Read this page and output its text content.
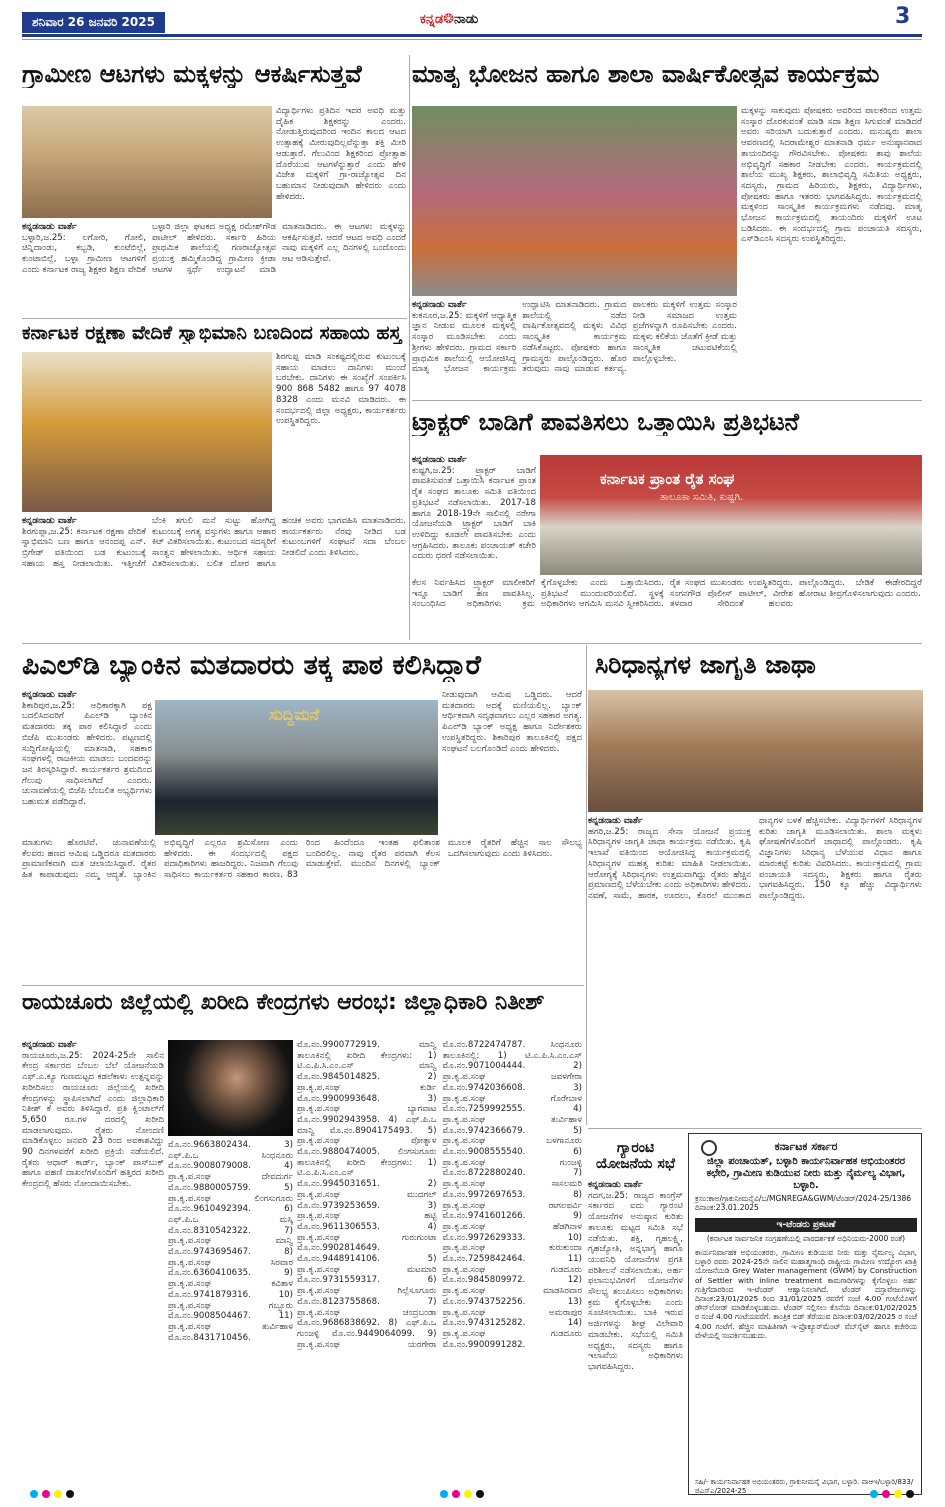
ಶನಿವಾರ 26 ಜನವರಿ 2025	ಕನ್ನಡ❂ನಾಡು	3
ಗ್ರಾಮೀಣ ಆಟಗಳು ಮಕ್ಕಳನ್ನು ಆಕರ್ಷಿಸುತ್ತವೆ
ವಿದ್ಯಾರ್ಥಿಗಳು ಪ್ರತಿದಿನ ಇದರ ಅವಧಿ ಮತ್ತು ದೈಹಿಕ ಶಿಕ್ಷಕರನ್ನು ಎಂದರು. ನೋಡುತ್ತಿರುವುದರಿಂದ ಇಂದಿನ ಕಾಲದ ಆಟದ ಉತ್ಸಾಹಕ್ಕೆ ಮೀರುವುದಿಲ್ಲವೆನ್ನುತ್ತಾ ಶಕ್ತಿ ಮೀರಿ ಆಡುತ್ತಾರೆ. ಗೆಲುವಿಂದ ಶಿಕ್ಷಕರಿಂದ ಪ್ರೋತ್ಸಾಹ ದೊರೆಯುವ ಆಟಗಳೆನ್ನುತ್ತಾರೆ ಎಂದು ಹೇಳಿ ವಿಜೇತ ಮಕ್ಕಳಿಗೆ ಗ್ರಾ-ರಾಜ್ಯೋತ್ಸವ ದಿನ ಬಹುಮಾನ ನೀಡುವುದಾಗಿ ಹೇಳಿದರು ಎಂದು ಹೇಳಿದರು.
ಕನ್ನಡನಾಡು ವಾರ್ತೆ
ಬಳ್ಳಾರಿ,ಜ.25: ಲಗೋರಿ, ಗೋಲಿ, ಚಿನ್ನಿದಾಂಡು, ಕಬ್ಬಡಿ, ಕುಂಟೆಬಿಲ್ಲೆ, ಕುಂಟಾಬಿಲ್ಲೆ, ಬಳ್ಳಾ ಗ್ರಾಮೀಣ ಆಟಗಳಿಗೆ ಎಂದು ಕರ್ನಾಟಕ ರಾಜ್ಯ ಶಿಕ್ಷಕರ ಶಿಕ್ಷಣ ವೇದಿಕೆ ಬಳ್ಳಾರಿ ಜಿಲ್ಲಾ ಘಟಕದ ಅಧ್ಯಕ್ಷ ರಮೇಶ್‌ಗೌಡ ಪಾಟೀಲ್ ಹೇಳಿದರು. ಸರ್ಕಾರಿ ಹಿರಿಯ ಪ್ರಾಥಮಿಕ ಶಾಲೆಯಲ್ಲಿ ಗಣರಾಜ್ಯೋತ್ಸವ ಪ್ರಯುಕ್ತ ಹಮ್ಮಿಕೊಂಡಿದ್ದ ಗ್ರಾಮೀಣ ಕ್ರೀಡಾ ಆಟಗಳ ಸ್ಪರ್ಧೆ ಉದ್ಘಾಟನೆ ಮಾಡಿ ಮಾತನಾಡಿದರು. ಈ ಆಟಗಳು ಮಕ್ಕಳನ್ನು ಆಕರ್ಷಿಸುತ್ತವೆ. ಆದರೆ ಆಟದ ಅವಧಿ ಎಂದರೆ ನಾವು ಮಕ್ಕಳಿಗೆ ಎಲ್ಲ ದಿನಗಳಲ್ಲಿ ಒಂದೊಂದು ಆಟ ಆಡಿಸುತ್ತೇವೆ.
ಮಾತೃ ಭೋಜನ ಹಾಗೂ ಶಾಲಾ ವಾರ್ಷಿಕೋತ್ಸವ ಕಾರ್ಯಕ್ರಮ
ಮಕ್ಕಳನ್ನು ಸಾಕುವುದು ಪೋಷಕರು ಅವರಿಂದ ಪಾಲಕರಿಂದ ಉತ್ತಮ ಸಂಸ್ಕಾರ ದೊರಕುವಂತೆ ಮಾಡಿ ಸದಾ ಶಿಕ್ಷಣ ಸಿಗುವಂತೆ ಮಾಡಿದರೆ ಅವರು ಸರಿಯಾಗಿ ಬದುಕುತ್ತಾರೆ ಎಂದರು. ಮನುಷ್ಯರು ಶಾಲಾ ಆವರಣದಲ್ಲಿ ಸಿದರಾಮೇಶ್ವರ ಮಾತನಾಡಿ ಧರ್ಮ ಅನುಷ್ಠಾನವಾದ ತಾಯಂದಿರನ್ನು ಗೌರವಿಸಬೇಕು. ಪೋಷಕರು ತಾವು ಶಾಲೆಯ ಅಭಿವೃದ್ಧಿಗೆ ಸಹಕಾರ ನೀಡಬೇಕು ಎಂದರು. ಕಾರ್ಯಕ್ರಮದಲ್ಲಿ ಶಾಲೆಯ ಮುಖ್ಯ ಶಿಕ್ಷಕರು, ಶಾಲಾಭಿವೃದ್ಧಿ ಸಮಿತಿಯ ಅಧ್ಯಕ್ಷರು, ಸದಸ್ಯರು, ಗ್ರಾಮದ ಹಿರಿಯರು, ಶಿಕ್ಷಕರು, ವಿದ್ಯಾರ್ಥಿಗಳು, ಪೋಷಕರು ಹಾಗೂ ಇತರರು ಭಾಗವಹಿಸಿದ್ದರು. ಕಾರ್ಯಕ್ರಮದಲ್ಲಿ ಮಕ್ಕಳಿಂದ ಸಾಂಸ್ಕೃತಿಕ ಕಾರ್ಯಕ್ರಮಗಳು ನಡೆದವು. ಮಾತೃ ಭೋಜನ ಕಾರ್ಯಕ್ರಮದಲ್ಲಿ ತಾಯಂದಿರು ಮಕ್ಕಳಿಗೆ ಊಟ ಬಡಿಸಿದರು. ಈ ಸಂದರ್ಭದಲ್ಲಿ ಗ್ರಾಮ ಪಂಚಾಯತಿ ಸದಸ್ಯರು, ಎಸ್‌ಡಿಎಂಸಿ ಸದಸ್ಯರು ಉಪಸ್ಥಿತರಿದ್ದರು.
ಕನ್ನಡನಾಡು ವಾರ್ತೆ
ಕುಕನೂರ,ಜ.25: ಮಕ್ಕಳಿಗೆ ಆಧ್ಯಾತ್ಮಿಕ ಜ್ಞಾನ ನೀಡುವ ಮೂಲಕ ಮಕ್ಕಳಲ್ಲಿ ಸಂಸ್ಕಾರ ಮೂಡಿಸಬೇಕು ಎಂದು ಶ್ರೀಗಳು ಹೇಳಿದರು. ಗ್ರಾಮದ ಸರ್ಕಾರಿ ಪ್ರಾಥಮಿಕ ಶಾಲೆಯಲ್ಲಿ ಆಯೋಜಿಸಿದ್ದ ಮಾತೃ ಭೋಜನ ಕಾರ್ಯಕ್ರಮ ಉದ್ಘಾಟಿಸಿ ಮಾತನಾಡಿದರು. ಗ್ರಾಮದ ಶಾಲೆಯಲ್ಲಿ ನಡೆದ ವಾರ್ಷಿಕೋತ್ಸವದಲ್ಲಿ ಮಕ್ಕಳು ವಿವಿಧ ಸಾಂಸ್ಕೃತಿಕ ಕಾರ್ಯಕ್ರಮ ನಡೆಸಿಕೊಟ್ಟರು. ಪೋಷಕರು ಹಾಗೂ ಗ್ರಾಮಸ್ಥರು ಪಾಲ್ಗೊಂಡಿದ್ದರು. ಹೊರ ತರುವುದು ನಾವು ಮಾಡುವ ಕರ್ತವ್ಯ. ಪಾಲಕರು ಮಕ್ಕಳಿಗೆ ಉತ್ತಮ ಸಂಸ್ಕಾರ ನೀಡಿ ಸಮಾಜದ ಉತ್ತಮ ಪ್ರಜೆಗಳನ್ನಾಗಿ ರೂಪಿಸಬೇಕು ಎಂದರು. ಮಕ್ಕಳು ಕಲಿಕೆಯ ಜೊತೆಗೆ ಕ್ರೀಡೆ ಮತ್ತು ಸಾಂಸ್ಕೃತಿಕ ಚಟುವಟಿಕೆಯಲ್ಲಿ ಪಾಲ್ಗೊಳ್ಳಬೇಕು.
ಕರ್ನಾಟಕ ರಕ್ಷಣಾ ವೇದಿಕೆ ಸ್ವಾಭಿಮಾನಿ ಬಣದಿಂದ ಸಹಾಯ ಹಸ್ತ
ಶಿರಗುಪ್ಪ ಮಾಡಿ ಸಂಕಷ್ಟದಲ್ಲಿರುವ ಕುಟುಂಬಕ್ಕೆ ಸಹಾಯ ಮಾಡಲು ದಾನಿಗಳು ಮುಂದೆ ಬರಬೇಕು. ದಾನಿಗಳು ಈ ಸಂಖ್ಯೆಗೆ ಸಂಪರ್ಕಿಸಿ 900 868 5482 ಹಾಗೂ 97 4078 8328 ಎಂದು ಮನವಿ ಮಾಡಿದರು. ಈ ಸಂದರ್ಭದಲ್ಲಿ ಜಿಲ್ಲಾ ಅಧ್ಯಕ್ಷರು, ಕಾರ್ಯಕರ್ತರು ಉಪಸ್ಥಿತರಿದ್ದರು.
ಕನ್ನಡನಾಡು ವಾರ್ತೆ
ಶಿರಗುಪ್ಪಾ,ಜ.25: ಕರ್ನಾಟಕ ರಕ್ಷಣಾ ವೇದಿಕೆ ಸ್ವಾಭಿಮಾನಿ ಬಣ ಹಾಗೂ ಆನಂದಪ್ಪ ಎನ್. ಬ್ರಿಗೇಡ್ ವತಿಯಿಂದ ಬಡ ಕುಟುಂಬಕ್ಕೆ ಸಹಾಯ ಹಸ್ತ ನೀಡಲಾಯಿತು. ಇತ್ತೀಚೆಗೆ ಬೆಂಕಿ ತಗುಲಿ ಮನೆ ಸುಟ್ಟು ಹೋಗಿದ್ದ ಕುಟುಂಬಕ್ಕೆ ಅಗತ್ಯ ವಸ್ತುಗಳು ಹಾಗೂ ಆಹಾರ ಕಿಟ್ ವಿತರಿಸಲಾಯಿತು. ಕುಟುಂಬದ ಸದಸ್ಯರಿಗೆ ಸಾಂತ್ವನ ಹೇಳಲಾಯಿತು. ಆರ್ಥಿಕ ಸಹಾಯ ವಿತರಿಸಲಾಯಿತು. ಬಲಿತ ದೋರ ಹಾಗೂ ಹಂಚಿಕ ಅವರು ಭಾಗವಹಿಸಿ ಮಾತನಾಡಿದರು. ಕಾರ್ಯಕರ್ತರು ನೆರವು ನೀಡಿದ ಬಡ ಕುಟುಂಬಗಳಿಗೆ ಸಂಘಟನೆ ಸದಾ ಬೆಂಬಲ ನೀಡಲಿದೆ ಎಂದು ತಿಳಿಸಿದರು.
ಟ್ರ್ಯಾಕ್ಟರ್ ಬಾಡಿಗೆ ಪಾವತಿಸಲು ಒತ್ತಾಯಿಸಿ ಪ್ರತಿಭಟನೆ
ಕನ್ನಡನಾಡು ವಾರ್ತೆ
ಕುಷ್ಟಗಿ,ಜ.25: ಟ್ರ್ಯಾಕ್ಟರ್ ಬಾಡಿಗೆ ಪಾವತಿಸುವಂತೆ ಒತ್ತಾಯಿಸಿ ಕರ್ನಾಟಕ ಪ್ರಾಂತ ರೈತ ಸಂಘದ ತಾಲೂಕು ಸಮಿತಿ ವತಿಯಿಂದ ಪ್ರತಿಭಟನೆ ನಡೆಸಲಾಯಿತು. 2017-18 ಹಾಗೂ 2018-19ನೇ ಸಾಲಿನಲ್ಲಿ ನರೇಗಾ ಯೋಜನೆಯಡಿ ಟ್ರ್ಯಾಕ್ಟರ್ ಬಾಡಿಗೆ ಬಾಕಿ ಉಳಿದಿದ್ದು ಕೂಡಲೇ ಪಾವತಿಸಬೇಕು ಎಂದು ಆಗ್ರಹಿಸಿದರು. ತಾಲೂಕು ಪಂಚಾಯತ್ ಕಚೇರಿ ಎದುರು ಧರಣಿ ನಡೆಸಲಾಯಿತು.
ಕರ್ನಾಟಕ ಪ್ರಾಂತ ರೈತ ಸಂಘ
ತಾಲೂಕಾ ಸಮಿತಿ, ಕುಷ್ಟಗಿ.
ಕೆಲಸ ನಿರ್ವಹಿಸಿದ ಟ್ರ್ಯಾಕ್ಟರ್ ಮಾಲೀಕರಿಗೆ ಇನ್ನೂ ಬಾಡಿಗೆ ಹಣ ಪಾವತಿಸಿಲ್ಲ. ಸಂಬಂಧಿಸಿದ ಅಧಿಕಾರಿಗಳು ಕ್ರಮ ಕೈಗೊಳ್ಳಬೇಕು ಎಂದು ಒತ್ತಾಯಿಸಿದರು. ಪ್ರತಿಭಟನೆ ಮುಂದುವರಿಯಲಿದೆ. ಸ್ಥಳಕ್ಕೆ ಅಧಿಕಾರಿಗಳು ಆಗಮಿಸಿ ಮನವಿ ಸ್ವೀಕರಿಸಿದರು. ರೈತ ಸಂಘದ ಮುಖಂಡರು ಉಪಸ್ಥಿತರಿದ್ದರು. ಸಂಗನಗೌಡ ಪೊಲೀಸ್ ಪಾಟೀಲ್, ವೀರೇಶ ತಳವಾರ ಸೇರಿದಂತೆ ಹಲವರು ಪಾಲ್ಗೊಂಡಿದ್ದರು. ಬೇಡಿಕೆ ಈಡೇರದಿದ್ದರೆ ಹೋರಾಟ ತೀವ್ರಗೊಳಿಸಲಾಗುವುದು ಎಂದರು.
ಪಿಎಲ್‌ಡಿ ಬ್ಯಾಂಕಿನ ಮತದಾರರು ತಕ್ಕ ಪಾಠ ಕಲಿಸಿದ್ದಾರೆ
ಕನ್ನಡನಾಡು ವಾರ್ತೆ
ಶಿಕಾರಿಪುರ,ಜ.25: ಅಧಿಕಾರಕ್ಕಾಗಿ ಪಕ್ಷ ಬದಲಿಸಿದವರಿಗೆ ಪಿಎಲ್‌ಡಿ ಬ್ಯಾಂಕಿನ ಮತದಾರರು ತಕ್ಕ ಪಾಠ ಕಲಿಸಿದ್ದಾರೆ ಎಂದು ಬಿಜೆಪಿ ಮುಖಂಡರು ಹೇಳಿದರು. ಪಟ್ಟಣದಲ್ಲಿ ಸುದ್ದಿಗೋಷ್ಠಿಯಲ್ಲಿ ಮಾತನಾಡಿ, ಸಹಕಾರ ಸಂಘಗಳಲ್ಲಿ ರಾಜಕೀಯ ಮಾಡಲು ಬಂದವರನ್ನು ಜನ ತಿರಸ್ಕರಿಸಿದ್ದಾರೆ. ಕಾರ್ಯಕರ್ತರ ಶ್ರಮದಿಂದ ಗೆಲುವು ಸಾಧಿಸಲಾಗಿದೆ ಎಂದರು. ಚುನಾವಣೆಯಲ್ಲಿ ಬಿಜೆಪಿ ಬೆಂಬಲಿತ ಅಭ್ಯರ್ಥಿಗಳು ಬಹುಮತ ಪಡೆದಿದ್ದಾರೆ.
ಸುದ್ದಿಮನೆ
ನೀಡುವುದಾಗಿ ಆಮಿಷ ಒಡ್ಡಿದರು. ಆದರೆ ಮತದಾರರು ಅದಕ್ಕೆ ಮಣಿಯಲಿಲ್ಲ. ಬ್ಯಾಂಕ್ ಆರ್ಥಿಕವಾಗಿ ಸದೃಢವಾಗಲು ಎಲ್ಲರ ಸಹಕಾರ ಅಗತ್ಯ. ಪಿಎಲ್‌ಡಿ ಬ್ಯಾಂಕ್ ಅಧ್ಯಕ್ಷ ಹಾಗೂ ನಿರ್ದೇಶಕರು ಉಪಸ್ಥಿತರಿದ್ದರು. ಶಿಕಾರಿಪುರ ತಾಲೂಕಿನಲ್ಲಿ ಪಕ್ಷದ ಸಂಘಟನೆ ಬಲಗೊಂಡಿದೆ ಎಂದು ಹೇಳಿದರು.
ಮಾತುಗಳು ಹೊರಟಿವೆ. ಚುನಾವಣೆಯಲ್ಲಿ ಕೆಲವರು ಹಣದ ಆಮಿಷ ಒಡ್ಡಿದರೂ ಮತದಾರರು ಪ್ರಾಮಾಣಿಕವಾಗಿ ಮತ ಚಲಾಯಿಸಿದ್ದಾರೆ. ರೈತರ ಹಿತ ಕಾಪಾಡುವುದು ನಮ್ಮ ಆದ್ಯತೆ. ಬ್ಯಾಂಕಿನ ಅಭಿವೃದ್ಧಿಗೆ ಎಲ್ಲರೂ ಶ್ರಮಿಸೋಣ ಎಂದು ಹೇಳಿದರು. ಈ ಸಂದರ್ಭದಲ್ಲಿ ಪಕ್ಷದ ಪದಾಧಿಕಾರಿಗಳು ಹಾಜರಿದ್ದರು. ನಿಜವಾಗಿ ಗೆಲುವು ಸಾಧಿಸಲು ಕಾರ್ಯಕರ್ತರ ಸಹಕಾರ ಕಾರಣ. 83 ರಿಂದ ಹಿಂದೆಂದೂ ಇಂತಹ ಫಲಿತಾಂಶ ಬಂದಿರಲಿಲ್ಲ. ನಾವು ರೈತರ ಪರವಾಗಿ ಕೆಲಸ ಮಾಡುತ್ತೇವೆ. ಮುಂದಿನ ದಿನಗಳಲ್ಲಿ ಬ್ಯಾಂಕ್ ಮೂಲಕ ರೈತರಿಗೆ ಹೆಚ್ಚಿನ ಸಾಲ ಸೌಲಭ್ಯ ಒದಗಿಸಲಾಗುವುದು ಎಂದು ತಿಳಿಸಿದರು.
ಸಿರಿಧಾನ್ಯಗಳ ಜಾಗೃತಿ ಜಾಥಾ
ಕನ್ನಡನಾಡು ವಾರ್ತೆ
ಹಗರಿ,ಜ.25: ರಾಜ್ಯದ ಸೇನಾ ಯೋಜನೆ ಪ್ರಯುಕ್ತ ಸಿರಿಧಾನ್ಯಗಳ ಜಾಗೃತಿ ಜಾಥಾ ಕಾರ್ಯಕ್ರಮ ನಡೆಯಿತು. ಕೃಷಿ ಇಲಾಖೆ ವತಿಯಿಂದ ಆಯೋಜಿಸಿದ್ದ ಕಾರ್ಯಕ್ರಮದಲ್ಲಿ ಸಿರಿಧಾನ್ಯಗಳ ಮಹತ್ವ ಕುರಿತು ಮಾಹಿತಿ ನೀಡಲಾಯಿತು. ಆರೋಗ್ಯಕ್ಕೆ ಸಿರಿಧಾನ್ಯಗಳು ಉತ್ತಮವಾಗಿದ್ದು ರೈತರು ಹೆಚ್ಚಿನ ಪ್ರಮಾಣದಲ್ಲಿ ಬೆಳೆಯಬೇಕು ಎಂದು ಅಧಿಕಾರಿಗಳು ಹೇಳಿದರು. ನವಣೆ, ಸಾಮೆ, ಹಾರಕ, ಊದಲು, ಕೊರಲೆ ಮುಂತಾದ ಧಾನ್ಯಗಳ ಬಳಕೆ ಹೆಚ್ಚಿಸಬೇಕು. ವಿದ್ಯಾರ್ಥಿಗಳಿಗೆ ಸಿರಿಧಾನ್ಯಗಳ ಕುರಿತು ಜಾಗೃತಿ ಮೂಡಿಸಲಾಯಿತು. ಶಾಲಾ ಮಕ್ಕಳು ಘೋಷಣೆಗಳೊಂದಿಗೆ ಜಾಥಾದಲ್ಲಿ ಪಾಲ್ಗೊಂಡರು. ಕೃಷಿ ವಿಜ್ಞಾನಿಗಳು ಸಿರಿಧಾನ್ಯ ಬೆಳೆಯುವ ವಿಧಾನ ಹಾಗೂ ಮಾರುಕಟ್ಟೆ ಕುರಿತು ವಿವರಿಸಿದರು. ಕಾರ್ಯಕ್ರಮದಲ್ಲಿ ಗ್ರಾಮ ಪಂಚಾಯತಿ ಸದಸ್ಯರು, ಶಿಕ್ಷಕರು ಹಾಗೂ ರೈತರು ಭಾಗವಹಿಸಿದ್ದರು. 150 ಕ್ಕೂ ಹೆಚ್ಚು ವಿದ್ಯಾರ್ಥಿಗಳು ಪಾಲ್ಗೊಂಡಿದ್ದರು.
ರಾಯಚೂರು ಜಿಲ್ಲೆಯಲ್ಲಿ ಖರೀದಿ ಕೇಂದ್ರಗಳು ಆರಂಭ: ಜಿಲ್ಲಾಧಿಕಾರಿ ನಿತೀಶ್
ಕನ್ನಡನಾಡು ವಾರ್ತೆ
ರಾಯಚೂರು,ಜ.25: 2024-25ನೇ ಸಾಲಿನ ಕೇಂದ್ರ ಸರ್ಕಾರದ ಬೆಂಬಲ ಬೆಲೆ ಯೋಜನೆಯಡಿ ಎಫ್.ಎ.ಕ್ಯೂ ಗುಣಮಟ್ಟದ ಕಡಲೆಕಾಳು ಉತ್ಪನ್ನವನ್ನು ಖರೀದಿಸಲು ರಾಯಚೂರು ಜಿಲ್ಲೆಯಲ್ಲಿ ಖರೀದಿ ಕೇಂದ್ರಗಳನ್ನು ಸ್ಥಾಪಿಸಲಾಗಿದೆ ಎಂದು ಜಿಲ್ಲಾಧಿಕಾರಿ ನಿತೀಶ್ ಕೆ ಅವರು ತಿಳಿಸಿದ್ದಾರೆ. ಪ್ರತಿ ಕ್ವಿಂಟಾಲ್‌ಗೆ 5,650 ರೂ.ಗಳ ದರದಲ್ಲಿ ಖರೀದಿ ಮಾಡಲಾಗುವುದು. ರೈತರು ನೋಂದಣಿ ಮಾಡಿಕೊಳ್ಳಲು ಜನವರಿ 23 ರಿಂದ ಅವಕಾಶವಿದ್ದು 90 ದಿನಗಳವರೆಗೆ ಖರೀದಿ ಪ್ರಕ್ರಿಯೆ ನಡೆಯಲಿದೆ. ರೈತರು ಆಧಾರ್ ಕಾರ್ಡ್, ಬ್ಯಾಂಕ್ ಪಾಸ್‌ಬುಕ್ ಹಾಗೂ ಪಹಣಿ ದಾಖಲೆಗಳೊಂದಿಗೆ ಹತ್ತಿರದ ಖರೀದಿ ಕೇಂದ್ರದಲ್ಲಿ ಹೆಸರು ನೋಂದಾಯಿಸಬೇಕು.
ಮೊ.ನಂ.9663802434. 3) ಎಫ್.ಪಿ.ಒ ಸಿಂಧನೂರು ಮೊ.ನಂ.9008079008. 4) ಪ್ರಾ.ಕೃ.ಪ.ಸಂಘ ದೇವದುರ್ಗ ಮೊ.ನಂ.9880005759. 5) ಪ್ರಾ.ಕೃ.ಪ.ಸಂಘ ಲಿಂಗಸುಗೂರು ಮೊ.ನಂ.9610492394. 6) ಎಫ್.ಪಿ.ಒ ಮಸ್ಕಿ ಮೊ.ನಂ.8310542322. 7) ಪ್ರಾ.ಕೃ.ಪ.ಸಂಘ ಮಾನ್ವಿ ಮೊ.ನಂ.9743695467. 8) ಪ್ರಾ.ಕೃ.ಪ.ಸಂಘ ಸಿರವಾರ ಮೊ.ನಂ.6360410635. 9) ಪ್ರಾ.ಕೃ.ಪ.ಸಂಘ ಕವಿತಾಳ ಮೊ.ನಂ.9741879316. 10) ಪ್ರಾ.ಕೃ.ಪ.ಸಂಘ ಗಬ್ಬೂರು ಮೊ.ನಂ.9008504467. 11) ಪ್ರಾ.ಕೃ.ಪ.ಸಂಘ ತುರ್ವಿಹಾಳ ಮೊ.ನಂ.8431710456.
ಮೊ.ನಂ.9900772919. ಮಾನ್ವಿ ತಾಲೂಕಿನಲ್ಲಿ ಖರೀದಿ ಕೇಂದ್ರಗಳು: 1) ಟಿ.ಎ.ಪಿ.ಸಿ.ಎಂ.ಎಸ್ ಮಾನ್ವಿ ಮೊ.ನಂ.9845014825. 2) ಪ್ರಾ.ಕೃ.ಪ.ಸಂಘ ಕುರ್ಡಿ ಮೊ.ನಂ.9900993648. 3) ಪ್ರಾ.ಕೃ.ಪ.ಸಂಘ ಬ್ಯಾಗವಾಟ ಮೊ.ನಂ.9902943958. 4) ಎಫ್.ಪಿ.ಒ ಮಾನ್ವಿ ಮೊ.ನಂ.8904175493. 5) ಪ್ರಾ.ಕೃ.ಪ.ಸಂಘ ಪೋತ್ನಾಳ ಮೊ.ನಂ.9880474005. ಲಿಂಗಸುಗೂರು ತಾಲೂಕಿನಲ್ಲಿ ಖರೀದಿ ಕೇಂದ್ರಗಳು: 1) ಟಿ.ಎ.ಪಿ.ಸಿ.ಎಂ.ಎಸ್ ಮೊ.ನಂ.9945031651. 2) ಪ್ರಾ.ಕೃ.ಪ.ಸಂಘ ಮುದಗಲ್ ಮೊ.ನಂ.9739253659. 3) ಪ್ರಾ.ಕೃ.ಪ.ಸಂಘ ಹಟ್ಟಿ ಮೊ.ನಂ.9611306553. 4) ಪ್ರಾ.ಕೃ.ಪ.ಸಂಘ ಗುರುಗುಂಟಾ ಮೊ.ನಂ.9902814649. ಮೊ.ನಂ.9448914106. 5) ಪ್ರಾ.ಕೃ.ಪ.ಸಂಘ ಮಟಮಾರಿ ಮೊ.ನಂ.9731559317. 6) ಪ್ರಾ.ಕೃ.ಪ.ಸಂಘ ಗಿಲ್ಲೆಸೂಗೂರು ಮೊ.ನಂ.8123755868. 7) ಪ್ರಾ.ಕೃ.ಪ.ಸಂಘ ಚಂದ್ರಬಂಡಾ ಮೊ.ನಂ.9686838692. 8) ಎಫ್.ಪಿ.ಒ ಗುಂಜಳ್ಳಿ ಮೊ.ನಂ.9449064099. 9) ಪ್ರಾ.ಕೃ.ಪ.ಸಂಘ ಯರಗೇರಾ ಮೊ.ನಂ.8722474787. ಸಿಂಧನೂರು ತಾಲೂಕಿನಲ್ಲಿ: 1) ಟಿ.ಎ.ಪಿ.ಸಿ.ಎಂ.ಎಸ್ ಮೊ.ನಂ.9071004444. 2) ಪ್ರಾ.ಕೃ.ಪ.ಸಂಘ ಜವಳಗೇರಾ ಮೊ.ನಂ.9742036608. 3) ಪ್ರಾ.ಕೃ.ಪ.ಸಂಘ ಗೊರೇಬಾಳ ಮೊ.ನಂ.7259992555. 4) ಪ್ರಾ.ಕೃ.ಪ.ಸಂಘ ತುರ್ವಿಹಾಳ ಮೊ.ನಂ.9742366679. 5) ಪ್ರಾ.ಕೃ.ಪ.ಸಂಘ ಬಳಗಾನೂರು ಮೊ.ನಂ.9008555540. 6) ಪ್ರಾ.ಕೃ.ಪ.ಸಂಘ ಗುಂಜಳ್ಳಿ ಮೊ.ನಂ.8722880240. 7) ಪ್ರಾ.ಕೃ.ಪ.ಸಂಘ ಸಾಸಲಮರಿ ಮೊ.ನಂ.9972697653. 8) ಪ್ರಾ.ಕೃ.ಪ.ಸಂಘ ರಾಗಲಪರ್ವಿ ಮೊ.ನಂ.9741601266. 9) ಪ್ರಾ.ಕೃ.ಪ.ಸಂಘ ಹೆಡಗಿನಾಳ ಮೊ.ನಂ.9972629333. 10) ಪ್ರಾ.ಕೃ.ಪ.ಸಂಘ ಕುರುಕುಂದಾ ಮೊ.ನಂ.7259842464. 11) ಪ್ರಾ.ಕೃ.ಪ.ಸಂಘ ಗುಡದೂರು ಮೊ.ನಂ.9845809972. 12) ಪ್ರಾ.ಕೃ.ಪ.ಸಂಘ ಮಾಡಸಿರವಾರ ಮೊ.ನಂ.9743752256. 13) ಪ್ರಾ.ಕೃ.ಪ.ಸಂಘ ಅಮರಾಪುರ ಮೊ.ನಂ.9743125282. 14) ಪ್ರಾ.ಕೃ.ಪ.ಸಂಘ ಗುಡದೂರು ಮೊ.ನಂ.9900991282.
ಗ್ಯಾರಂಟಿ ಯೋಜನೆಯ ಸಭೆ
ಕನ್ನಡನಾಡು ವಾರ್ತೆ
ಗದಗ,ಜ.25: ರಾಜ್ಯದ ಕಾಂಗ್ರೆಸ್ ಸರ್ಕಾರದ ಐದು ಗ್ಯಾರಂಟಿ ಯೋಜನೆಗಳ ಅನುಷ್ಠಾನ ಕುರಿತು ತಾಲೂಕು ಮಟ್ಟದ ಸಮಿತಿ ಸಭೆ ನಡೆಯಿತು. ಶಕ್ತಿ, ಗೃಹಲಕ್ಷ್ಮಿ, ಗೃಹಜ್ಯೋತಿ, ಅನ್ನಭಾಗ್ಯ ಹಾಗೂ ಯುವನಿಧಿ ಯೋಜನೆಗಳ ಪ್ರಗತಿ ಪರಿಶೀಲನೆ ನಡೆಸಲಾಯಿತು. ಅರ್ಹ ಫಲಾನುಭವಿಗಳಿಗೆ ಯೋಜನೆಗಳ ಸೌಲಭ್ಯ ತಲುಪಿಸಲು ಅಧಿಕಾರಿಗಳು ಕ್ರಮ ಕೈಗೊಳ್ಳಬೇಕು ಎಂದು ಸೂಚಿಸಲಾಯಿತು. ಬಾಕಿ ಇರುವ ಅರ್ಜಿಗಳನ್ನು ಶೀಘ್ರ ವಿಲೇವಾರಿ ಮಾಡಬೇಕು. ಸಭೆಯಲ್ಲಿ ಸಮಿತಿ ಅಧ್ಯಕ್ಷರು, ಸದಸ್ಯರು ಹಾಗೂ ಇಲಾಖೆಯ ಅಧಿಕಾರಿಗಳು ಭಾಗವಹಿಸಿದ್ದರು.
ಕರ್ನಾಟಕ ಸರ್ಕಾರ
ಜಿಲ್ಲಾ ಪಂಚಾಯತ್, ಬಳ್ಳಾರಿ ಕಾರ್ಯನಿರ್ವಾಹಕ ಅಭಿಯಂತರರ ಕಛೇರಿ, ಗ್ರಾಮೀಣ ಕುಡಿಯುವ ನೀರು ಮತ್ತು ನೈರ್ಮಲ್ಯ ವಿಭಾಗ, ಬಳ್ಳಾರಿ.
ಕ್ರಸಂ:ಕಾಅ/ಗ್ರಾಕುನೀಮನೈವಿ/ಬ/MGNREGA&GWM/ಟೆಂಡರ್/2024-25/1386 ದಿನಾಂಕ:23.01.2025
ಇ-ಟೆಂಡರು ಪ್ರಕಟಣೆ
(ಕರ್ನಾಟಕ ಸಾರ್ವಜನಿಕ ಸಂಗ್ರಹಣೆಯಲ್ಲಿ ಪಾರದರ್ಶಕತೆ ಅಧಿನಿಯಮ-2000 ರಂತೆ)
ಕಾರ್ಯನಿರ್ವಾಹಕ ಅಭಿಯಂತರರು, ಗ್ರಾಮೀಣ ಕುಡಿಯುವ ನೀರು ಮತ್ತು ನೈರ್ಮಲ್ಯ ವಿಭಾಗ, ಬಳ್ಳಾರಿ ರವರು 2024-25ನೇ ಸಾಲಿನ ಮಹಾತ್ಮಗಾಂಧಿ ರಾಷ್ಟ್ರೀಯ ಗ್ರಾಮೀಣ ಉದ್ಯೋಗ ಖಾತ್ರಿ ಯೋಜನೆಯಡಿ Grey Water management (GWM) by Construction of Settler with inline treatment ಕಾಮಗಾರಿಗಳನ್ನು ಕೈಗೊಳ್ಳಲು ಅರ್ಹ ಗುತ್ತಿಗೆದಾರರಿಂದ ಇ-ಟೆಂಡರ್ ಆಹ್ವಾನಿಸಲಾಗಿದೆ. ಟೆಂಡರ್ ದಸ್ತಾವೇಜುಗಳನ್ನು ದಿನಾಂಕ:23/01/2025 ರಿಂದ 31/01/2025 ರವರೆಗೆ ಸಂಜೆ 4.00 ಗಂಟೆಯೊಳಗೆ ಡೌನ್‌ಲೋಡ್ ಮಾಡಿಕೊಳ್ಳಬಹುದು. ಟೆಂಡರ್ ಸಲ್ಲಿಸಲು ಕೊನೆಯ ದಿನಾಂಕ:01/02/2025 ರ ಸಂಜೆ 4.00 ಗಂಟೆಯವರೆಗೆ. ತಾಂತ್ರಿಕ ಬಿಡ್ ತೆರೆಯುವ ದಿನಾಂಕ:03/02/2025 ರ ಸಂಜೆ 4.00 ಗಂಟೆಗೆ. ಹೆಚ್ಚಿನ ಮಾಹಿತಿಗಾಗಿ ಇ-ಪ್ರೊಕ್ಯೂರ್‌ಮೆಂಟ್ ವೆಬ್‌ಸೈಟ್ ಹಾಗೂ ಕಚೇರಿಯ ವೇಳೆಯಲ್ಲಿ ಸಂಪರ್ಕಿಸಬಹುದು.
ಸಹಿ/- ಕಾರ್ಯನಿರ್ವಾಹಕ ಅಭಿಯಂತರರು, ಗ್ರಾಕುನೀಮನೈ ವಿಭಾಗ, ಬಳ್ಳಾರಿ. ವಾಆಇ/ಬಳ್ಳಾರಿ/833/ಜಿಎಸ್‌ಎ/2024-25
